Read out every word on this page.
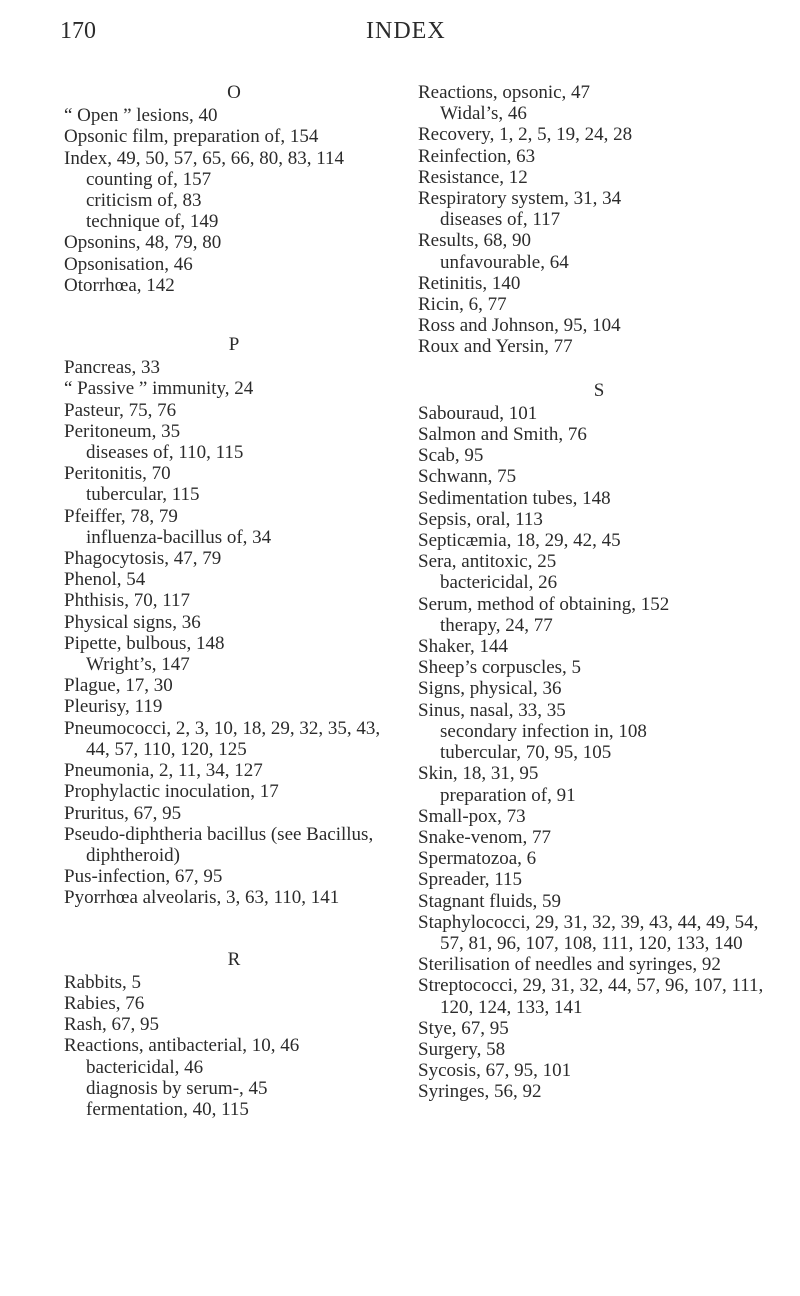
170	INDEX
O
“ Open ” lesions, 40
Opsonic film, preparation of, 154
Index, 49, 50, 57, 65, 66, 80, 83, 114
counting of, 157
criticism of, 83
technique of, 149
Opsonins, 48, 79, 80
Opsonisation, 46
Otorrhœa, 142
P
Pancreas, 33
“ Passive ” immunity, 24
Pasteur, 75, 76
Peritoneum, 35
diseases of, 110, 115
Peritonitis, 70
tubercular, 115
Pfeiffer, 78, 79
influenza-bacillus of, 34
Phagocytosis, 47, 79
Phenol, 54
Phthisis, 70, 117
Physical signs, 36
Pipette, bulbous, 148
Wright’s, 147
Plague, 17, 30
Pleurisy, 119
Pneumococci, 2, 3, 10, 18, 29, 32, 35, 43, 44, 57, 110, 120, 125
Pneumonia, 2, 11, 34, 127
Prophylactic inoculation, 17
Pruritus, 67, 95
Pseudo-diphtheria bacillus (see Bacillus, diphtheroid)
Pus-infection, 67, 95
Pyorrhœa alveolaris, 3, 63, 110, 141
R
Rabbits, 5
Rabies, 76
Rash, 67, 95
Reactions, antibacterial, 10, 46
bactericidal, 46
diagnosis by serum-, 45
fermentation, 40, 115
Reactions, opsonic, 47
Widal’s, 46
Recovery, 1, 2, 5, 19, 24, 28
Reinfection, 63
Resistance, 12
Respiratory system, 31, 34
diseases of, 117
Results, 68, 90
unfavourable, 64
Retinitis, 140
Ricin, 6, 77
Ross and Johnson, 95, 104
Roux and Yersin, 77
S
Sabouraud, 101
Salmon and Smith, 76
Scab, 95
Schwann, 75
Sedimentation tubes, 148
Sepsis, oral, 113
Septicæmia, 18, 29, 42, 45
Sera, antitoxic, 25
bactericidal, 26
Serum, method of obtaining, 152
therapy, 24, 77
Shaker, 144
Sheep’s corpuscles, 5
Signs, physical, 36
Sinus, nasal, 33, 35
secondary infection in, 108
tubercular, 70, 95, 105
Skin, 18, 31, 95
preparation of, 91
Small-pox, 73
Snake-venom, 77
Spermatozoa, 6
Spreader, 115
Stagnant fluids, 59
Staphylococci, 29, 31, 32, 39, 43, 44, 49, 54, 57, 81, 96, 107, 108, 111, 120, 133, 140
Sterilisation of needles and syringes, 92
Streptococci, 29, 31, 32, 44, 57, 96, 107, 111, 120, 124, 133, 141
Stye, 67, 95
Surgery, 58
Sycosis, 67, 95, 101
Syringes, 56, 92
